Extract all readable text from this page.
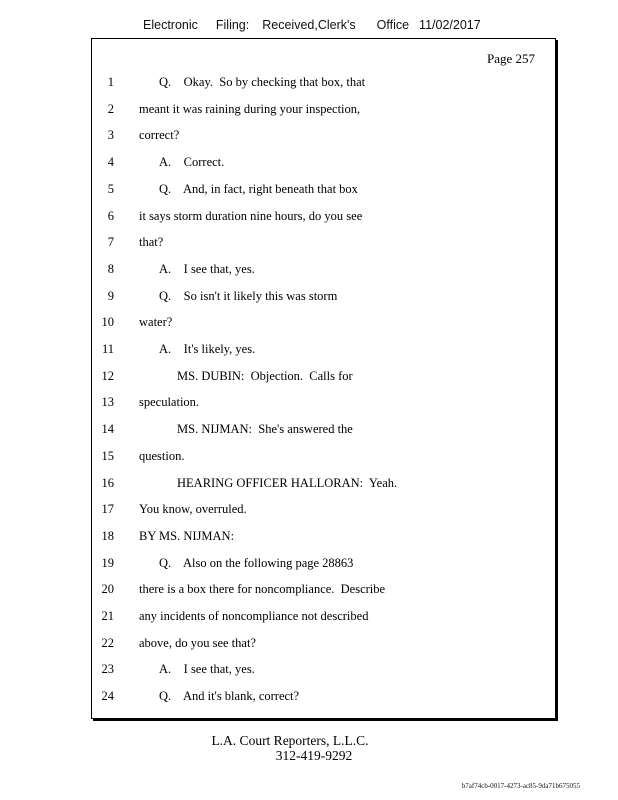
Electronic Filing: Received,Clerk's Office 11/02/2017
Page 257
1	Q.    Okay.  So by checking that box, that
2 meant it was raining during your inspection,
3 correct?
4	A.    Correct.
5	Q.    And, in fact, right beneath that box
6 it says storm duration nine hours, do you see
7 that?
8	A.    I see that, yes.
9	Q.    So isn't it likely this was storm
10 water?
11	A.    It's likely, yes.
12	MS. DUBIN:  Objection.  Calls for
13 speculation.
14	MS. NIJMAN:  She's answered the
15 question.
16	HEARING OFFICER HALLORAN:  Yeah.
17 You know, overruled.
18 BY MS. NIJMAN:
19	Q.    Also on the following page 28863
20 there is a box there for noncompliance.  Describe
21 any incidents of noncompliance not described
22 above, do you see that?
23	A.    I see that, yes.
24	Q.    And it's blank, correct?
L.A. Court Reporters, L.L.C.
312-419-9292
b7af74cb-0017-4273-ac85-9da71b675055
